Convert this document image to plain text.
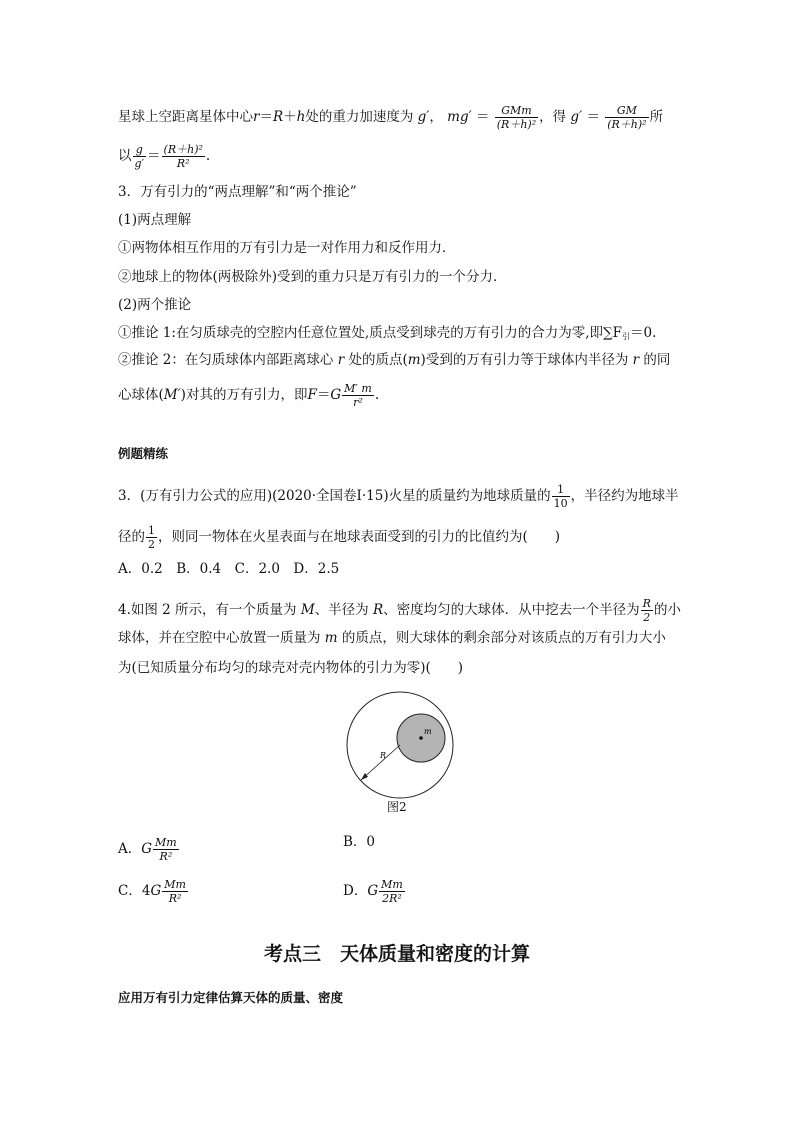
星球上空距离星体中心r＝R＋h处的重力加速度为 g′， $mg' = \frac{\text{GMm}}{\text{(R＋h)²}}$ ，得 $g' = \frac{GM}{\text{(R＋h)²}}$ 所
以 $\frac{g}{g'} = \frac{\text{(R＋h)²}}{\text{R²}}$ .
3．万有引力的“两点理解”和“两个推论”
(1)两点理解
①两物体相互作用的万有引力是一对作用力和反作用力．
②地球上的物体(两极除外)受到的重力只是万有引力的一个分力．
(2)两个推论
①推论 1:在匀质球壳的空腔内任意位置处,质点受到球壳的万有引力的合力为零,即$\sum F_引=0$.
②推论 2：在匀质球体内部距离球心 r 处的质点(m)受到的万有引力等于球体内半径为 r 的同
心球体(M′)对其的万有引力，即$F=G \frac{M' m}{\text{r²}}$ .
例题精练
3．(万有引力公式的应用)(2020·全国卷Ⅰ·15)火星的质量约为地球质量的 $\frac{1}{10}$ ，半径约为地球半
径的 $\frac{1}{2}$ ，则同一物体在火星表面与在地球表面受到的引力的比值约为(　　)
A．0.2　B．0.4　C．2.0　D．2.5
4.如图 2 所示，有一个质量为 M、半径为 R、密度均匀的大球体．从中挖去一个半径为 $\frac{R}{2}$ 的小
球体，并在空腔中心放置一质量为 m 的质点，则大球体的剩余部分对该质点的万有引力大小
为(已知质量分布均匀的球壳对壳内物体的引力为零)(　　)
m
R
图2
A．G $\frac{Mm}{\text{R²}}$	B．0
C．$4G \frac{Mm}{\text{R²}}$	D．G $\frac{Mm}{\text{2R²}}$
考点三　天体质量和密度的计算
应用万有引力定律估算天体的质量、密度
